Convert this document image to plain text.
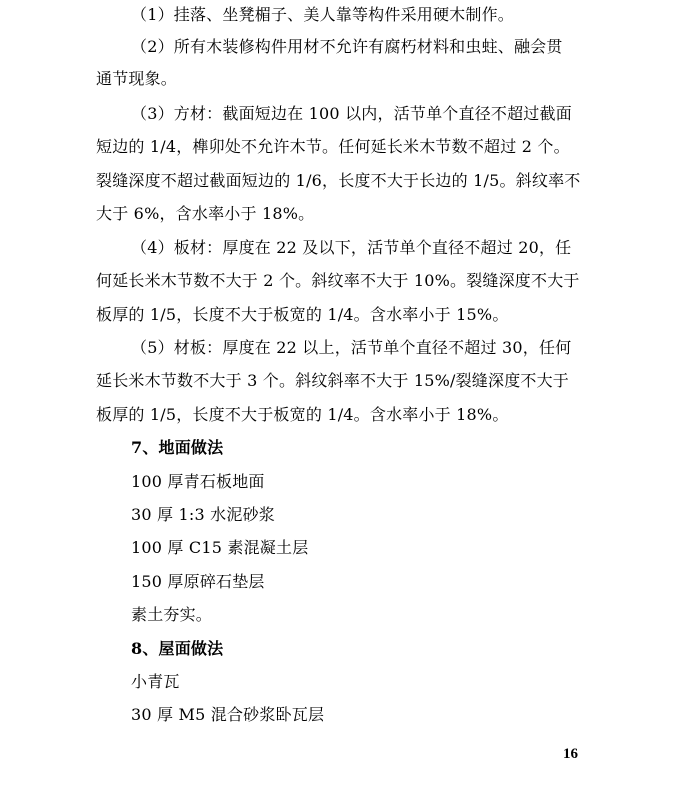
（1）挂落、坐凳楣子、美人靠等构件采用硬木制作。
（2）所有木装修构件用材不允许有腐朽材料和虫蛀、融会贯
通节现象。
（3）方材：截面短边在 100 以内，活节单个直径不超过截面
短边的 1/4，榫卯处不允许木节。任何延长米木节数不超过 2 个。
裂缝深度不超过截面短边的 1/6，长度不大于长边的 1/5。斜纹率不
大于 6%，含水率小于 18%。
（4）板材：厚度在 22 及以下，活节单个直径不超过 20，任
何延长米木节数不大于 2 个。斜纹率不大于 10%。裂缝深度不大于
板厚的 1/5，长度不大于板宽的 1/4。含水率小于 15%。
（5）材板：厚度在 22 以上，活节单个直径不超过 30，任何
延长米木节数不大于 3 个。斜纹斜率不大于 15%/裂缝深度不大于
板厚的 1/5，长度不大于板宽的 1/4。含水率小于 18%。
7、地面做法
100 厚青石板地面
30 厚 1:3 水泥砂浆
100 厚 C15 素混凝土层
150 厚原碎石垫层
素土夯实。
8、屋面做法
小青瓦
30 厚 M5 混合砂浆卧瓦层
16
